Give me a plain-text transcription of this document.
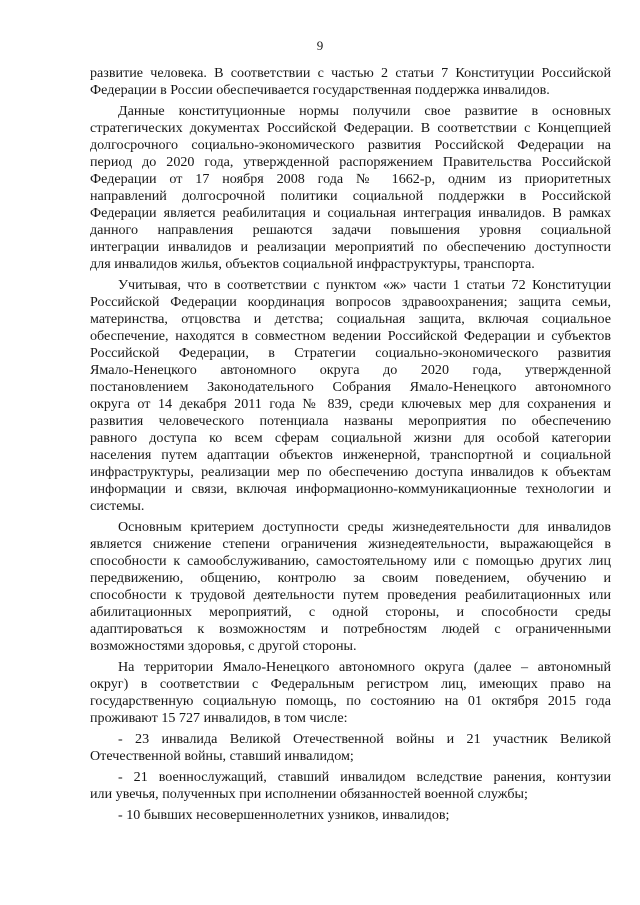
9
развитие человека. В соответствии с частью 2 статьи 7 Конституции Российской
Федерации в России обеспечивается государственная поддержка инвалидов.
Данные конституционные нормы получили свое развитие в основных
стратегических документах Российской Федерации. В соответствии с Концепцией
долгосрочного социально-экономического развития Российской Федерации на
период до 2020 года, утвержденной распоряжением Правительства Российской
Федерации от 17 ноября 2008 года № 1662-р, одним из приоритетных
направлений долгосрочной политики социальной поддержки в Российской
Федерации является реабилитация и социальная интеграция инвалидов. В рамках
данного направления решаются задачи повышения уровня социальной
интеграции инвалидов и реализации мероприятий по обеспечению доступности
для инвалидов жилья, объектов социальной инфраструктуры, транспорта.
Учитывая, что в соответствии с пунктом «ж» части 1 статьи 72 Конституции
Российской Федерации координация вопросов здравоохранения; защита семьи,
материнства, отцовства и детства; социальная защита, включая социальное
обеспечение, находятся в совместном ведении Российской Федерации и субъектов
Российской Федерации, в Стратегии социально-экономического развития
Ямало-Ненецкого автономного округа до 2020 года, утвержденной
постановлением Законодательного Собрания Ямало-Ненецкого автономного
округа от 14 декабря 2011 года № 839, среди ключевых мер для сохранения и
развития человеческого потенциала названы мероприятия по обеспечению
равного доступа ко всем сферам социальной жизни для особой категории
населения путем адаптации объектов инженерной, транспортной и социальной
инфраструктуры, реализации мер по обеспечению доступа инвалидов к объектам
информации и связи, включая информационно-коммуникационные технологии и
системы.
Основным критерием доступности среды жизнедеятельности для инвалидов
является снижение степени ограничения жизнедеятельности, выражающейся в
способности к самообслуживанию, самостоятельному или с помощью других лиц
передвижению, общению, контролю за своим поведением, обучению и
способности к трудовой деятельности путем проведения реабилитационных или
абилитационных мероприятий, с одной стороны, и способности среды
адаптироваться к возможностям и потребностям людей с ограниченными
возможностями здоровья, с другой стороны.
На территории Ямало-Ненецкого автономного округа (далее – автономный
округ) в соответствии с Федеральным регистром лиц, имеющих право на
государственную социальную помощь, по состоянию на 01 октября 2015 года
проживают 15 727 инвалидов, в том числе:
- 23 инвалида Великой Отечественной войны и 21 участник Великой
Отечественной войны, ставший инвалидом;
- 21 военнослужащий, ставший инвалидом вследствие ранения, контузии
или увечья, полученных при исполнении обязанностей военной службы;
- 10 бывших несовершеннолетних узников, инвалидов;
